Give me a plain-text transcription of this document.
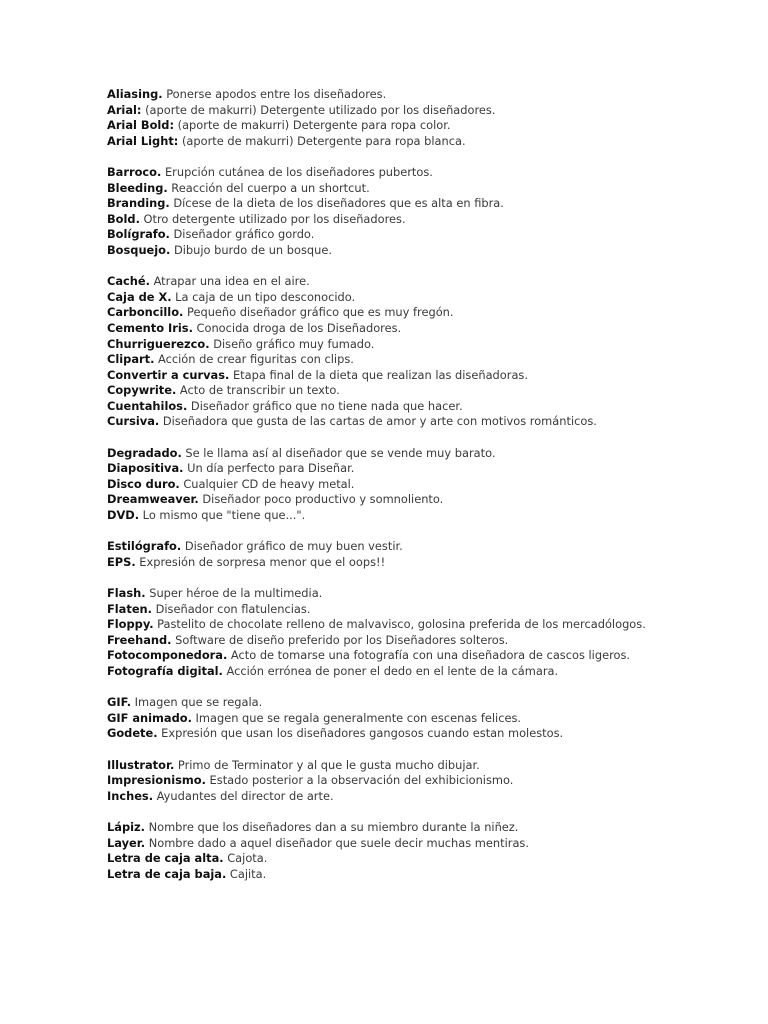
Aliasing. Ponerse apodos entre los diseñadores.
Arial: (aporte de makurri) Detergente utilizado por los diseñadores.
Arial Bold: (aporte de makurri) Detergente para ropa color.
Arial Light: (aporte de makurri) Detergente para ropa blanca.
Barroco. Erupción cutánea de los diseñadores pubertos.
Bleeding. Reacción del cuerpo a un shortcut.
Branding. Dícese de la dieta de los diseñadores que es alta en fibra.
Bold. Otro detergente utilizado por los diseñadores.
Bolígrafo. Diseñador gráfico gordo.
Bosquejo. Dibujo burdo de un bosque.
Caché. Atrapar una idea en el aire.
Caja de X. La caja de un tipo desconocido.
Carboncillo. Pequeño diseñador gráfico que es muy fregón.
Cemento Iris. Conocida droga de los Diseñadores.
Churriguerezco. Diseño gráfico muy fumado.
Clipart. Acción de crear figuritas con clips.
Convertir a curvas. Etapa final de la dieta que realizan las diseñadoras.
Copywrite. Acto de transcribir un texto.
Cuentahilos. Diseñador gráfico que no tiene nada que hacer.
Cursiva. Diseñadora que gusta de las cartas de amor y arte con motivos románticos.
Degradado. Se le llama así al diseñador que se vende muy barato.
Diapositiva. Un día perfecto para Diseñar.
Disco duro. Cualquier CD de heavy metal.
Dreamweaver. Diseñador poco productivo y somnoliento.
DVD. Lo mismo que "tiene que...".
Estilógrafo. Diseñador gráfico de muy buen vestir.
EPS. Expresión de sorpresa menor que el oops!!
Flash. Super héroe de la multimedia.
Flaten. Diseñador con flatulencias.
Floppy. Pastelito de chocolate relleno de malvavisco, golosina preferida de los mercadólogos.
Freehand. Software de diseño preferido por los Diseñadores solteros.
Fotocomponedora. Acto de tomarse una fotografía con una diseñadora de cascos ligeros.
Fotografía digital. Acción errónea de poner el dedo en el lente de la cámara.
GIF. Imagen que se regala.
GIF animado. Imagen que se regala generalmente con escenas felices.
Godete. Expresión que usan los diseñadores gangosos cuando estan molestos.
Illustrator. Primo de Terminator y al que le gusta mucho dibujar.
Impresionismo. Estado posterior a la observación del exhibicionismo.
Inches. Ayudantes del director de arte.
Lápiz. Nombre que los diseñadores dan a su miembro durante la niñez.
Layer. Nombre dado a aquel diseñador que suele decir muchas mentiras.
Letra de caja alta. Cajota.
Letra de caja baja. Cajita.
